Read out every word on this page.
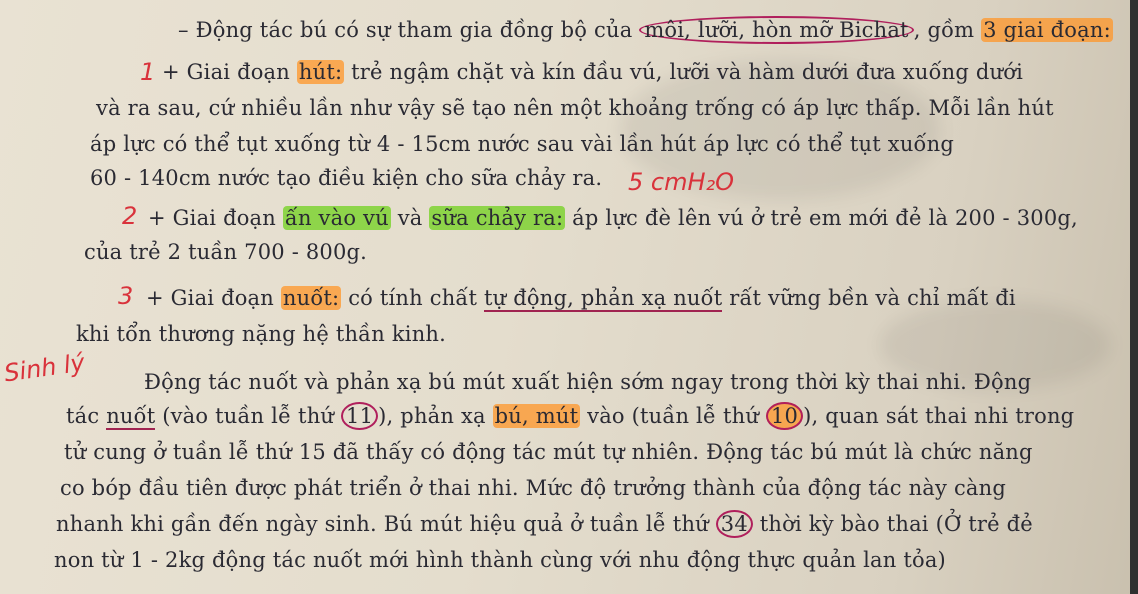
– Động tác bú có sự tham gia đồng bộ của môi, lưỡi, hòn mỡ Bichat , gồm 3 giai đoạn:
1 + Giai đoạn hút: trẻ ngậm chặt và kín đầu vú, lưỡi và hàm dưới đưa xuống dưới
và ra sau, cứ nhiều lần như vậy sẽ tạo nên một khoảng trống có áp lực thấp. Mỗi lần hút
áp lực có thể tụt xuống từ 4 - 15cm nước sau vài lần hút áp lực có thể tụt xuống
60 - 140cm nước tạo điều kiện cho sữa chảy ra. 5 cmH₂O
2 + Giai đoạn ấn vào vú và sữa chảy ra: áp lực đè lên vú ở trẻ em mới đẻ là 200 - 300g,
của trẻ 2 tuần 700 - 800g.
3 + Giai đoạn nuốt: có tính chất tự động, phản xạ nuốt rất vững bền và chỉ mất đi
khi tổn thương nặng hệ thần kinh.
Sinh lý	Động tác nuốt và phản xạ bú mút xuất hiện sớm ngay trong thời kỳ thai nhi. Động
tác nuốt (vào tuần lễ thứ 11 ), phản xạ bú, mút vào (tuần lễ thứ 10 ), quan sát thai nhi trong
tử cung ở tuần lễ thứ 15 đã thấy có động tác mút tự nhiên. Động tác bú mút là chức năng
co bóp đầu tiên được phát triển ở thai nhi. Mức độ trưởng thành của động tác này càng
nhanh khi gần đến ngày sinh. Bú mút hiệu quả ở tuần lễ thứ 34 thời kỳ bào thai (Ở trẻ đẻ
non từ 1 - 2kg động tác nuốt mới hình thành cùng với nhu động thực quản lan tỏa)
